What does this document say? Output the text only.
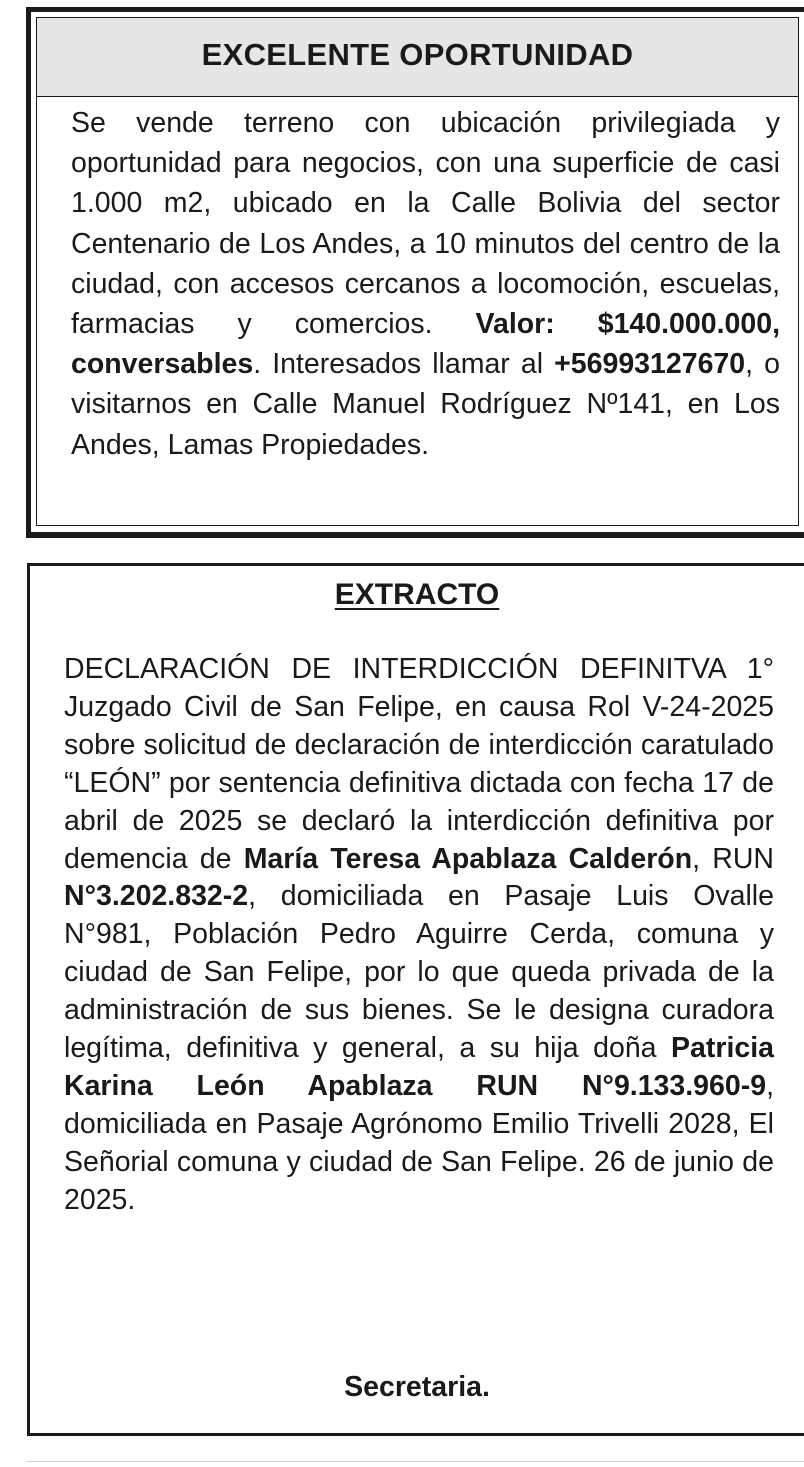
EXCELENTE OPORTUNIDAD

Se vende terreno con ubicación privilegiada y oportunidad para negocios, con una superficie de casi 1.000 m2, ubicado en la Calle Bolivia del sector Centenario de Los Andes, a 10 minutos del centro de la ciudad, con accesos cercanos a locomoción, escuelas, farmacias y comercios. Valor: $140.000.000, conversables. Interesados llamar al +56993127670, o visitarnos en Calle Manuel Rodríguez Nº141, en Los Andes, Lamas Propiedades.

EXTRACTO

DECLARACIÓN DE INTERDICCIÓN DEFINITVA 1° Juzgado Civil de San Felipe, en causa Rol V-24-2025 sobre solicitud de declaración de interdicción caratulado “LEÓN” por sentencia definitiva dictada con fecha 17 de abril de 2025 se declaró la interdicción definitiva por demencia de María Teresa Apablaza Calderón, RUN N°3.202.832-2, domiciliada en Pasaje Luis Ovalle N°981, Población Pedro Aguirre Cerda, comuna y ciudad de San Felipe, por lo que queda privada de la administración de sus bienes. Se le designa curadora legítima, definitiva y general, a su hija doña Patricia Karina León Apablaza RUN N°9.133.960-9, domiciliada en Pasaje Agrónomo Emilio Trivelli 2028, El Señorial comuna y ciudad de San Felipe. 26 de junio de 2025.

Secretaria.
